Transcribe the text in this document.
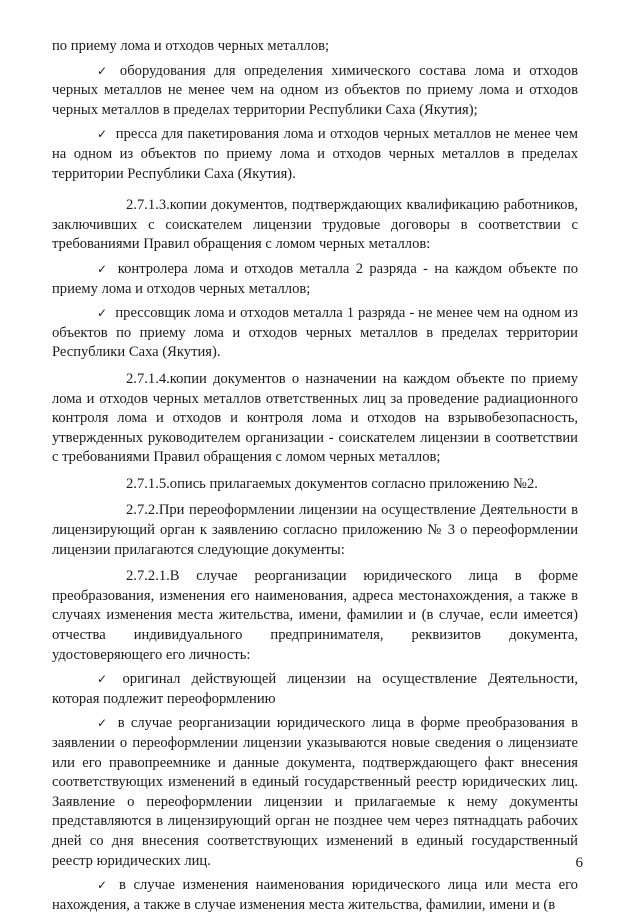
по приему лома и отходов черных металлов;

✓ оборудования для определения химического состава лома и отходов черных металлов не менее чем на одном из объектов по приему лома и отходов черных металлов в пределах территории Республики Саха (Якутия);

✓ пресса для пакетирования лома и отходов черных металлов не менее чем на одном из объектов по приему лома и отходов черных металлов в пределах территории Республики Саха (Якутия).

2.7.1.3.копии документов, подтверждающих квалификацию работников, заключивших с соискателем лицензии трудовые договоры в соответствии с требованиями Правил обращения с ломом черных металлов:

✓ контролера лома и отходов металла 2 разряда - на каждом объекте по приему лома и отходов черных металлов;

✓ прессовщик лома и отходов металла 1 разряда - не менее чем на одном из объектов по приему лома и отходов черных металлов в пределах территории Республики Саха (Якутия).

2.7.1.4.копии документов о назначении на каждом объекте по приему лома и отходов черных металлов ответственных лиц за проведение радиационного контроля лома и отходов и контроля лома и отходов на взрывобезопасность, утвержденных руководителем организации - соискателем лицензии в соответствии с требованиями Правил обращения с ломом черных металлов;

2.7.1.5.опись прилагаемых документов согласно приложению №2.

2.7.2.При переоформлении лицензии на осуществление Деятельности в лицензирующий орган к заявлению согласно приложению № 3 о переоформлении лицензии прилагаются следующие документы:

2.7.2.1.В случае реорганизации юридического лица в форме преобразования, изменения его наименования, адреса местонахождения, а также в случаях изменения места жительства, имени, фамилии и (в случае, если имеется) отчества индивидуального предпринимателя, реквизитов документа, удостоверяющего его личность:

✓ оригинал действующей лицензии на осуществление Деятельности, которая подлежит переоформлению

✓ в случае реорганизации юридического лица в форме преобразования в заявлении о переоформлении лицензии указываются новые сведения о лицензиате или его правопреемнике и данные документа, подтверждающего факт внесения соответствующих изменений в единый государственный реестр юридических лиц. Заявление о переоформлении лицензии и прилагаемые к нему документы представляются в лицензирующий орган не позднее чем через пятнадцать рабочих дней со дня внесения соответствующих изменений в единый государственный реестр юридических лиц.

✓ в случае изменения наименования юридического лица или места его нахождения, а также в случае изменения места жительства, фамилии, имени и (в

6
